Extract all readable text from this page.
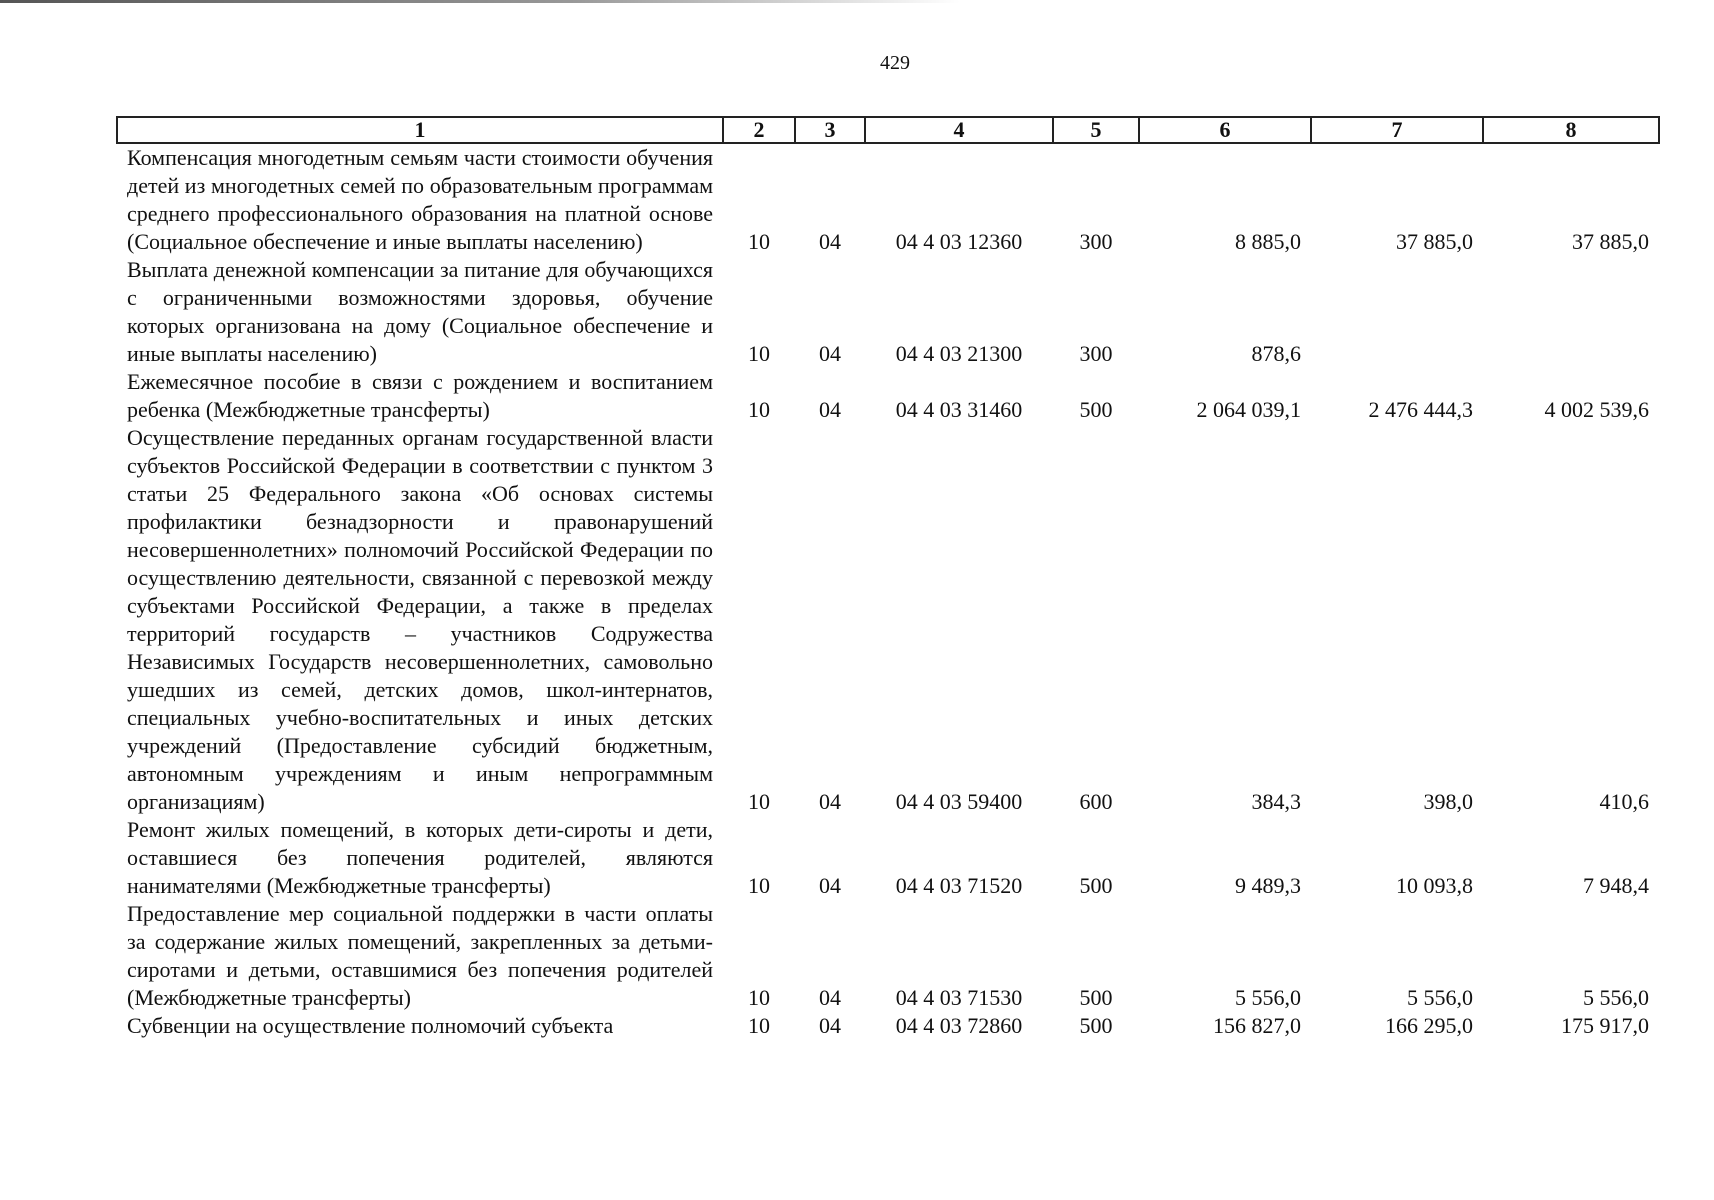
429
1	2	3	4	5	6	7	8
Компенсация многодетным семьям части стоимости обучения детей из многодетных семей по образовательным программам среднего профессионального образования на платной основе (Социальное обеспечение и иные выплаты населению)	10	04	04 4 03 12360	300	8 885,0	37 885,0	37 885,0
Выплата денежной компенсации за питание для обучающихся с ограниченными возможностями здоровья, обучение которых организована на дому (Социальное обеспечение и иные выплаты населению)	10	04	04 4 03 21300	300	878,6		
Ежемесячное пособие в связи с рождением и воспитанием ребенка (Межбюджетные трансферты)	10	04	04 4 03 31460	500	2 064 039,1	2 476 444,3	4 002 539,6
Осуществление переданных органам государственной власти субъектов Российской Федерации в соответствии с пунктом 3 статьи 25 Федерального закона «Об основах системы профилактики безнадзорности и правонарушений несовершеннолетних» полномочий Российской Федерации по осуществлению деятельности, связанной с перевозкой между субъектами Российской Федерации, а также в пределах территорий государств – участников Содружества Независимых Государств несовершеннолетних, самовольно ушедших из семей, детских домов, школ-интернатов, специальных учебно-воспитательных и иных детских учреждений (Предоставление субсидий бюджетным, автономным учреждениям и иным непрограммным организациям)	10	04	04 4 03 59400	600	384,3	398,0	410,6
Ремонт жилых помещений, в которых дети-сироты и дети, оставшиеся без попечения родителей, являются нанимателями (Межбюджетные трансферты)	10	04	04 4 03 71520	500	9 489,3	10 093,8	7 948,4
Предоставление мер социальной поддержки в части оплаты за содержание жилых помещений, закрепленных за детьми-сиротами и детьми, оставшимися без попечения родителей (Межбюджетные трансферты)	10	04	04 4 03 71530	500	5 556,0	5 556,0	5 556,0
Субвенции на осуществление полномочий субъекта	10	04	04 4 03 72860	500	156 827,0	166 295,0	175 917,0
